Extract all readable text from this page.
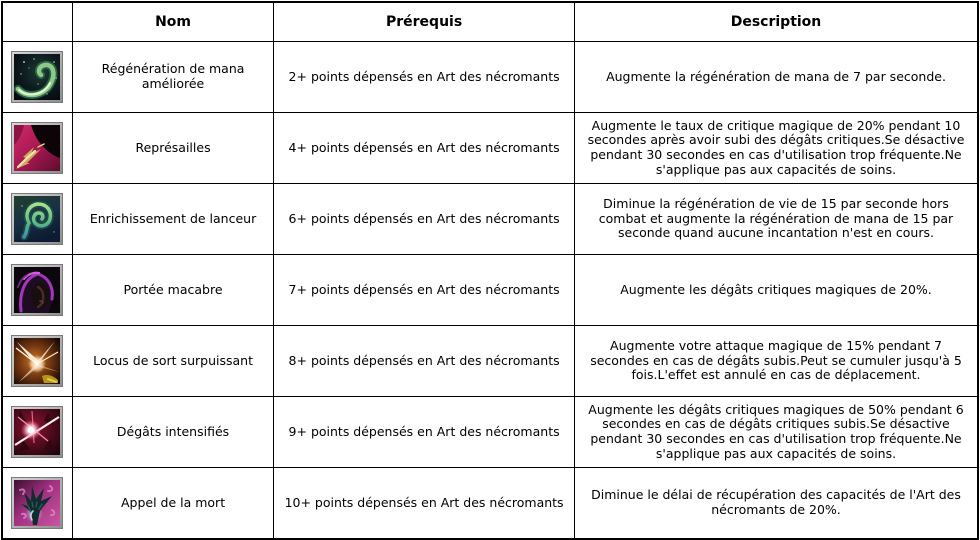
	Nom	Prérequis	Description

	Régénération de mana améliorée	2+ points dépensés en Art des nécromants	Augmente la régénération de mana de 7 par seconde.

	Représailles	4+ points dépensés en Art des nécromants	Augmente le taux de critique magique de 20% pendant 10 secondes après avoir subi des dégâts critiques.Se désactive pendant 30 secondes en cas d'utilisation trop fréquente.Ne s'applique pas aux capacités de soins.

	Enrichissement de lanceur	6+ points dépensés en Art des nécromants	Diminue la régénération de vie de 15 par seconde hors combat et augmente la régénération de mana de 15 par seconde quand aucune incantation n'est en cours.

	Portée macabre	7+ points dépensés en Art des nécromants	Augmente les dégâts critiques magiques de 20%.

	Locus de sort surpuissant	8+ points dépensés en Art des nécromants	Augmente votre attaque magique de 15% pendant 7 secondes en cas de dégâts subis.Peut se cumuler jusqu'à 5 fois.L'effet est annulé en cas de déplacement.

	Dégâts intensifiés	9+ points dépensés en Art des nécromants	Augmente les dégâts critiques magiques de 50% pendant 6 secondes en cas de dégâts critiques subis.Se désactive pendant 30 secondes en cas d'utilisation trop fréquente.Ne s'applique pas aux capacités de soins.

	Appel de la mort	10+ points dépensés en Art des nécromants	Diminue le délai de récupération des capacités de l'Art des nécromants de 20%.
